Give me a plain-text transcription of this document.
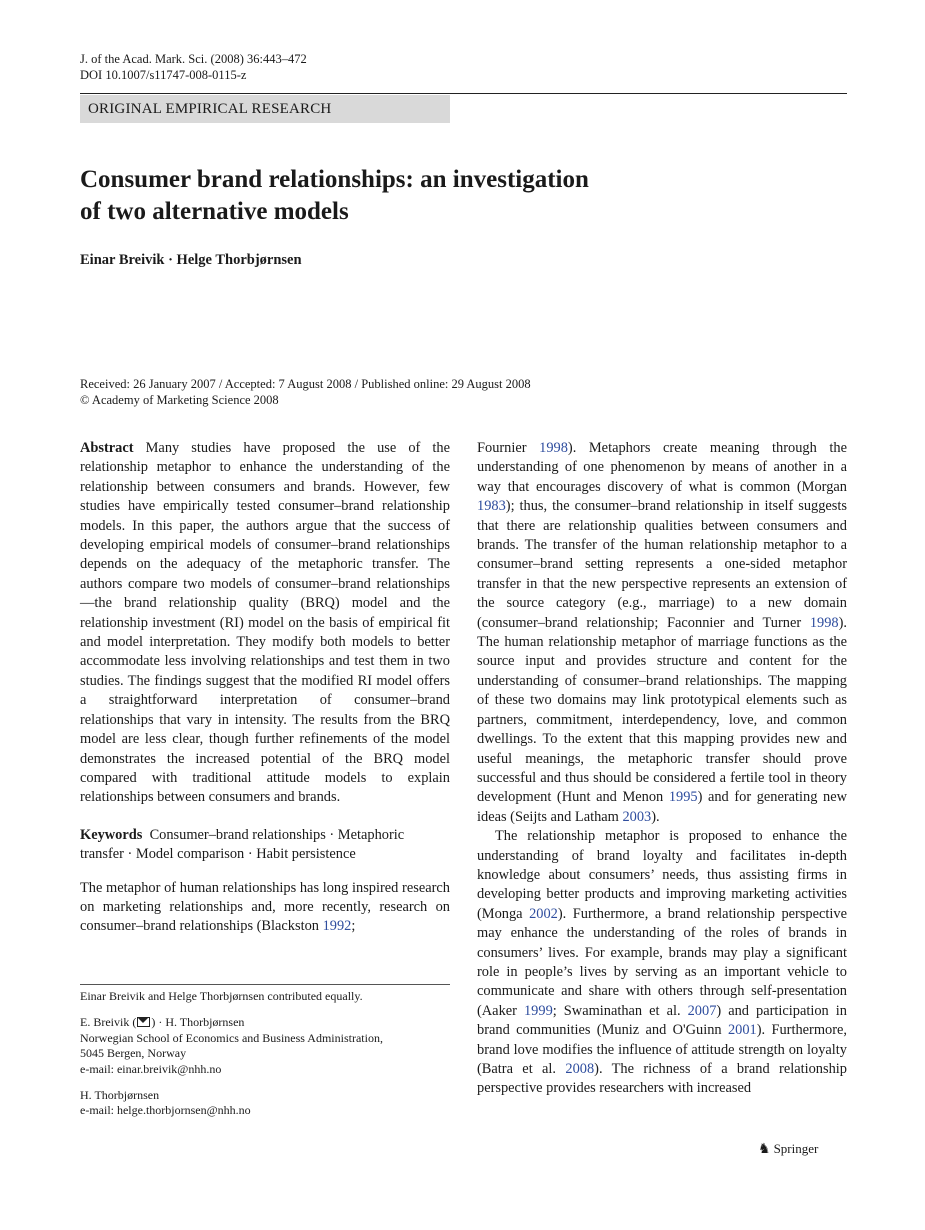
J. of the Acad. Mark. Sci. (2008) 36:443–472
DOI 10.1007/s11747-008-0115-z
ORIGINAL EMPIRICAL RESEARCH
Consumer brand relationships: an investigation
of two alternative models
Einar Breivik · Helge Thorbjørnsen
Received: 26 January 2007 / Accepted: 7 August 2008 / Published online: 29 August 2008
© Academy of Marketing Science 2008

Abstract Many studies have proposed the use of the relationship metaphor to enhance the understanding of the relationship between consumers and brands. However, few studies have empirically tested consumer–brand relationship models. In this paper, the authors argue that the success of developing empirical models of consumer–brand relationships depends on the adequacy of the metaphoric transfer. The authors compare two models of consumer–brand relationships—the brand relationship quality (BRQ) model and the relationship investment (RI) model on the basis of empirical fit and model interpretation. They modify both models to better accommodate less involving relationships and test them in two studies. The findings suggest that the modified RI model offers a straightforward interpretation of consumer–brand relationships that vary in intensity. The results from the BRQ model are less clear, though further refinements of the model demonstrates the increased potential of the BRQ model compared with traditional attitude models to explain relationships between consumers and brands.

Keywords Consumer–brand relationships · Metaphoric transfer · Model comparison · Habit persistence

The metaphor of human relationships has long inspired research on marketing relationships and, more recently, research on consumer–brand relationships (Blackston 1992;

Fournier 1998). Metaphors create meaning through the understanding of one phenomenon by means of another in a way that encourages discovery of what is common (Morgan 1983); thus, the consumer–brand relationship in itself suggests that there are relationship qualities between consumers and brands. The transfer of the human relationship metaphor to a consumer–brand setting represents a one-sided metaphor transfer in that the new perspective represents an extension of the source category (e.g., marriage) to a new domain (consumer–brand relationship; Faconnier and Turner 1998). The human relationship metaphor of marriage functions as the source input and provides structure and content for the understanding of consumer–brand relationships. The mapping of these two domains may link prototypical elements such as partners, commitment, interdependency, love, and common dwellings. To the extent that this mapping provides new and useful meanings, the metaphoric transfer should prove successful and thus should be considered a fertile tool in theory development (Hunt and Menon 1995) and for generating new ideas (Seijts and Latham 2003).

The relationship metaphor is proposed to enhance the understanding of brand loyalty and facilitates in-depth knowledge about consumers’ needs, thus assisting firms in developing better products and improving marketing activities (Monga 2002). Furthermore, a brand relationship perspective may enhance the understanding of the roles of brands in consumers’ lives. For example, brands may play a significant role in people’s lives by serving as an important vehicle to communicate and share with others through self-presentation (Aaker 1999; Swaminathan et al. 2007) and participation in brand communities (Muniz and O'Guinn 2001). Furthermore, brand love modifies the influence of attitude strength on loyalty (Batra et al. 2008). The richness of a brand relationship perspective provides researchers with increased

Einar Breivik and Helge Thorbjørnsen contributed equally.

E. Breivik ( ) · H. Thorbjørnsen

Norwegian School of Economics and Business Administration,

5045 Bergen, Norway

e-mail: einar.breivik@nhh.no

H. Thorbjørnsen

e-mail: helge.thorbjornsen@nhh.no

♞ Springer
